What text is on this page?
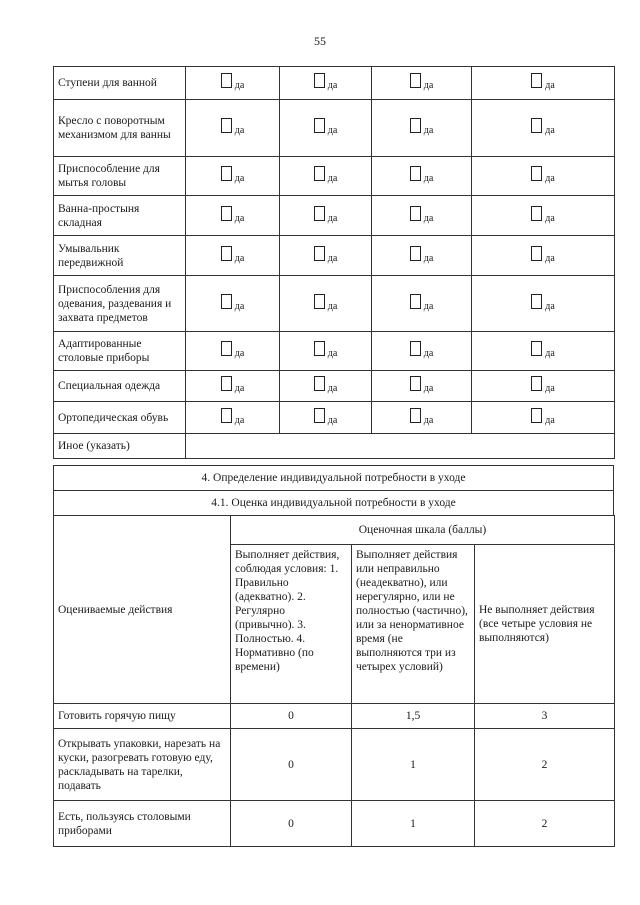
55
Ступени для ванной	да	да	да	да
Кресло с поворотным механизмом для ванны	да	да	да	да
Приспособление для мытья головы	да	да	да	да
Ванна-простыня складная	да	да	да	да
Умывальник передвижной	да	да	да	да
Приспособления для одевания, раздевания и захвата предметов	да	да	да	да
Адаптированные столовые приборы	да	да	да	да
Специальная одежда	да	да	да	да
Ортопедическая обувь	да	да	да	да
Иное (указать)				
4. Определение индивидуальной потребности в уходе
4.1. Оценка индивидуальной потребности в уходе
Оцениваемые действия	Оценочная шкала (баллы)		
	Выполняет действия, соблюдая условия: 1. Правильно (адекватно). 2. Регулярно (привычно). 3. Полностью. 4. Нормативно (по времени)	Выполняет действия или неправильно (неадекватно), или нерегулярно, или не полностью (частично), или за ненормативное время (не выполняются три из четырех условий)	Не выполняет действия (все четыре условия не выполняются)
Готовить горячую пищу	0	1,5	3
Открывать упаковки, нарезать на куски, разогревать готовую еду, раскладывать на тарелки, подавать	0	1	2
Есть, пользуясь столовыми приборами	0	1	2
